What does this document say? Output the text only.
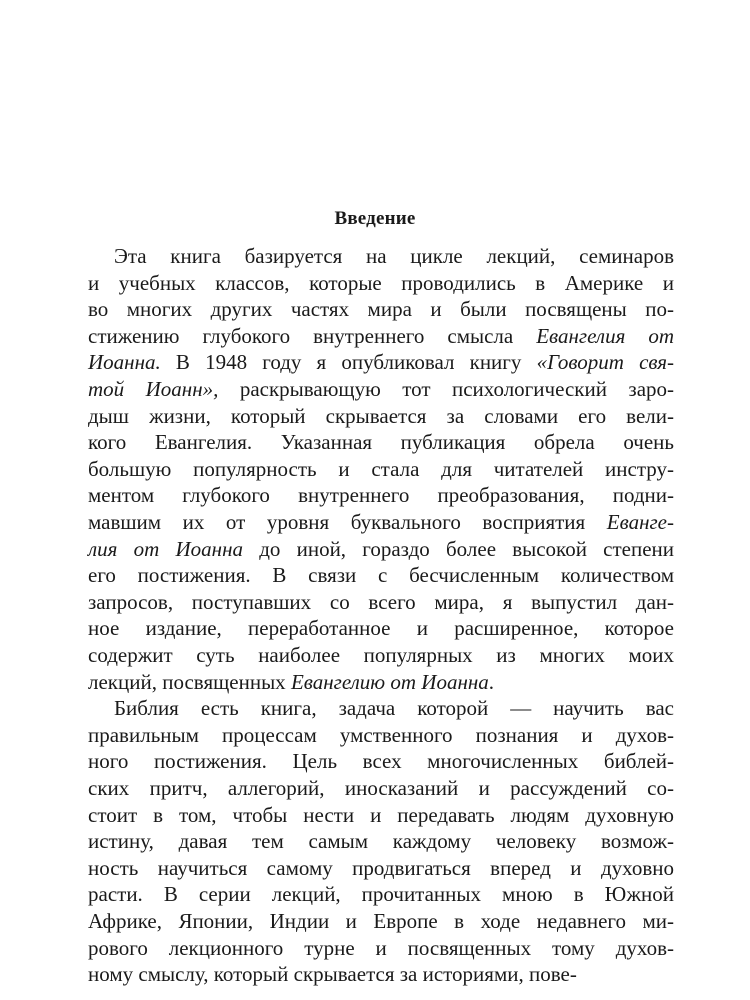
Введение
Эта книга базируется на цикле лекций, семинаров
и учебных классов, которые проводились в Америке и
во многих других частях мира и были посвящены по-
стижению глубокого внутреннего смысла Евангелия от
Иоанна. В 1948 году я опубликовал книгу «Говорит свя-
той Иоанн», раскрывающую тот психологический заро-
дыш жизни, который скрывается за словами его вели-
кого Евангелия. Указанная публикация обрела очень
большую популярность и стала для читателей инстру-
ментом глубокого внутреннего преобразования, подни-
мавшим их от уровня буквального восприятия Еванге-
лия от Иоанна до иной, гораздо более высокой степени
его постижения. В связи с бесчисленным количеством
запросов, поступавших со всего мира, я выпустил дан-
ное издание, переработанное и расширенное, которое
содержит суть наиболее популярных из многих моих
лекций, посвященных Евангелию от Иоанна.
Библия есть книга, задача которой — научить вас
правильным процессам умственного познания и духов-
ного постижения. Цель всех многочисленных библей-
ских притч, аллегорий, иносказаний и рассуждений со-
стоит в том, чтобы нести и передавать людям духовную
истину, давая тем самым каждому человеку возмож-
ность научиться самому продвигаться вперед и духовно
расти. В серии лекций, прочитанных мною в Южной
Африке, Японии, Индии и Европе в ходе недавнего ми-
рового лекционного турне и посвященных тому духов-
ному смыслу, который скрывается за историями, пове-
